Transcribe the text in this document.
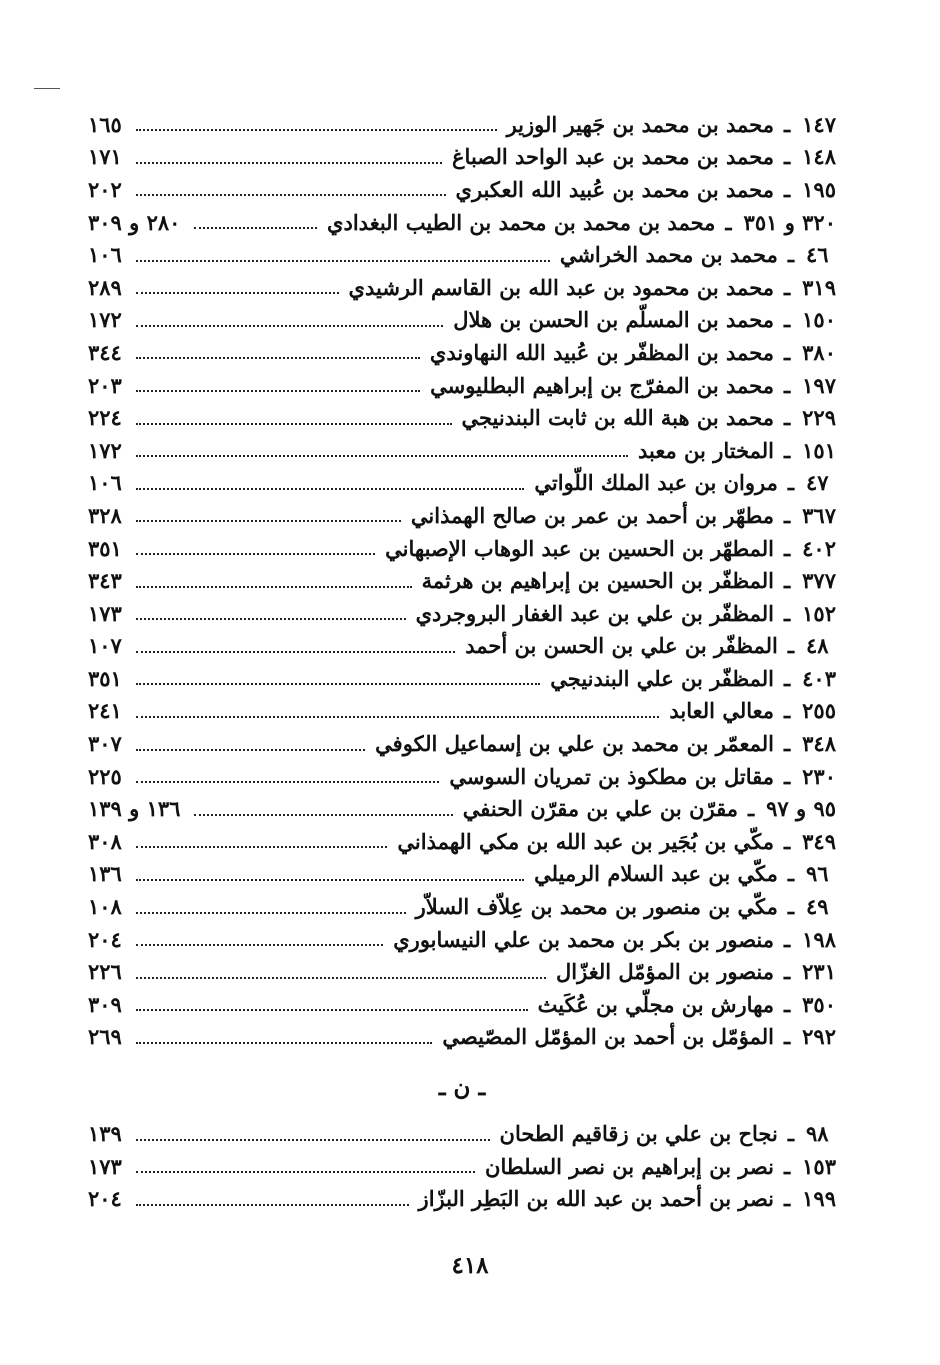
١٤٧
ـ
محمد بن محمد بن جَهير الوزير
١٦٥
١٤٨
ـ
محمد بن محمد بن عبد الواحد الصباغ
١٧١
١٩٥
ـ
محمد بن محمد بن عُبيد الله العكبري
٢٠٢
٣٢٠ و ٣٥١
ـ
محمد بن محمد بن محمد بن الطيب البغدادي
٢٨٠ و ٣٠٩
٤٦
ـ
محمد بن محمد الخراشي
١٠٦
٣١٩
ـ
محمد بن محمود بن عبد الله بن القاسم الرشيدي
٢٨٩
١٥٠
ـ
محمد بن المسلّم بن الحسن بن هلال
١٧٢
٣٨٠
ـ
محمد بن المظفّر بن عُبيد الله النهاوندي
٣٤٤
١٩٧
ـ
محمد بن المفرّج بن إبراهيم البطليوسي
٢٠٣
٢٢٩
ـ
محمد بن هبة الله بن ثابت البندنيجي
٢٢٤
١٥١
ـ
المختار بن معبد
١٧٢
٤٧
ـ
مروان بن عبد الملك اللّواتي
١٠٦
٣٦٧
ـ
مطهّر بن أحمد بن عمر بن صالح الهمذاني
٣٢٨
٤٠٢
ـ
المطهّر بن الحسين بن عبد الوهاب الإصبهاني
٣٥١
٣٧٧
ـ
المظفّر بن الحسين بن إبراهيم بن هرثمة
٣٤٣
١٥٢
ـ
المظفّر بن علي بن عبد الغفار البروجردي
١٧٣
٤٨
ـ
المظفّر بن علي بن الحسن بن أحمد
١٠٧
٤٠٣
ـ
المظفّر بن علي البندنيجي
٣٥١
٢٥٥
ـ
معالي العابد
٢٤١
٣٤٨
ـ
المعمّر بن محمد بن علي بن إسماعيل الكوفي
٣٠٧
٢٣٠
ـ
مقاتل بن مطكوذ بن تمريان السوسي
٢٢٥
٩٥ و ٩٧
ـ
مقرّن بن علي بن مقرّن الحنفي
١٣٦ و ١٣٩
٣٤٩
ـ
مكّي بن بُجَير بن عبد الله بن مكي الهمذاني
٣٠٨
٩٦
ـ
مكّي بن عبد السلام الرميلي
١٣٦
٤٩
ـ
مكّي بن منصور بن محمد بن عِلاّف السلاّر
١٠٨
١٩٨
ـ
منصور بن بكر بن محمد بن علي النيسابوري
٢٠٤
٢٣١
ـ
منصور بن المؤمّل الغزّال
٢٢٦
٣٥٠
ـ
مهارش بن مجلّي بن عُكَيث
٣٠٩
٢٩٢
ـ
المؤمّل بن أحمد بن المؤمّل المصّيصي
٢٦٩
ـ ن ـ
٩٨
ـ
نجاح بن علي بن زقاقيم الطحان
١٣٩
١٥٣
ـ
نصر بن إبراهيم بن نصر السلطان
١٧٣
١٩٩
ـ
نصر بن أحمد بن عبد الله بن البَطِر البزّاز
٢٠٤
٤١٨
